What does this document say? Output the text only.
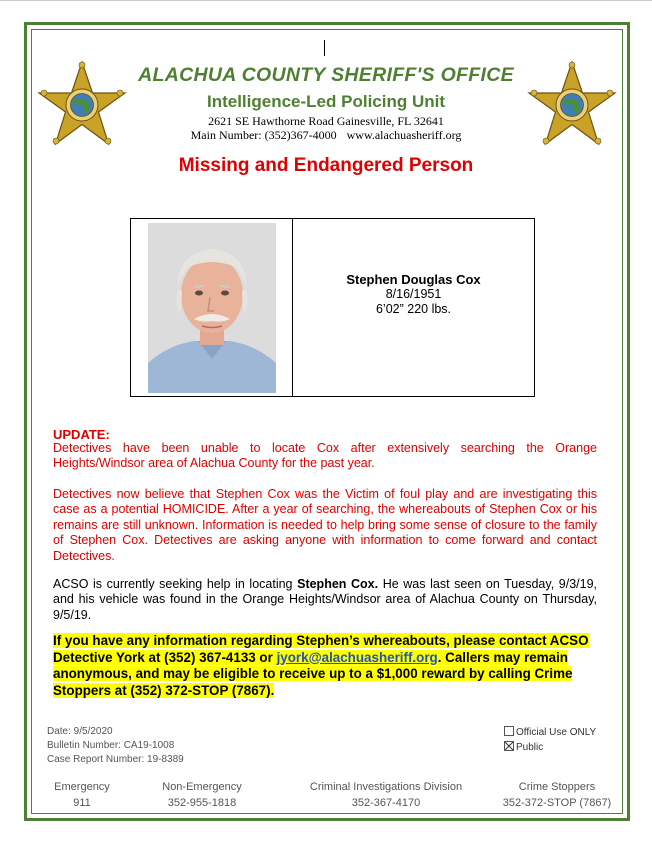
ALACHUA COUNTY SHERIFF'S OFFICE
Intelligence-Led Policing Unit
2621 SE Hawthorne Road Gainesville, FL 32641
Main Number: (352)367-4000 www.alachuasheriff.org
Missing and Endangered Person
Stephen Douglas Cox
8/16/1951
6’02” 220 lbs.
UPDATE:
Detectives have been unable to locate Cox after extensively searching the Orange Heights/Windsor area of Alachua County for the past year.
Detectives now believe that Stephen Cox was the Victim of foul play and are investigating this case as a potential HOMICIDE. After a year of searching, the whereabouts of Stephen Cox or his remains are still unknown. Information is needed to help bring some sense of closure to the family of Stephen Cox. Detectives are asking anyone with information to come forward and contact Detectives.
ACSO is currently seeking help in locating Stephen Cox. He was last seen on Tuesday, 9/3/19, and his vehicle was found in the Orange Heights/Windsor area of Alachua County on Thursday, 9/5/19.
If you have any information regarding Stephen’s whereabouts, please contact ACSO Detective York at (352) 367-4133 or jyork@alachuasheriff.org. Callers may remain anonymous, and may be eligible to receive up to a $1,000 reward by calling Crime Stoppers at (352) 372-STOP (7867).
Date: 9/5/2020
Bulletin Number: CA19-1008
Case Report Number: 19-8389
Official Use ONLY
Public
Emergency
911
Non-Emergency
352-955-1818
Criminal Investigations Division
352-367-4170
Crime Stoppers
352-372-STOP (7867)
